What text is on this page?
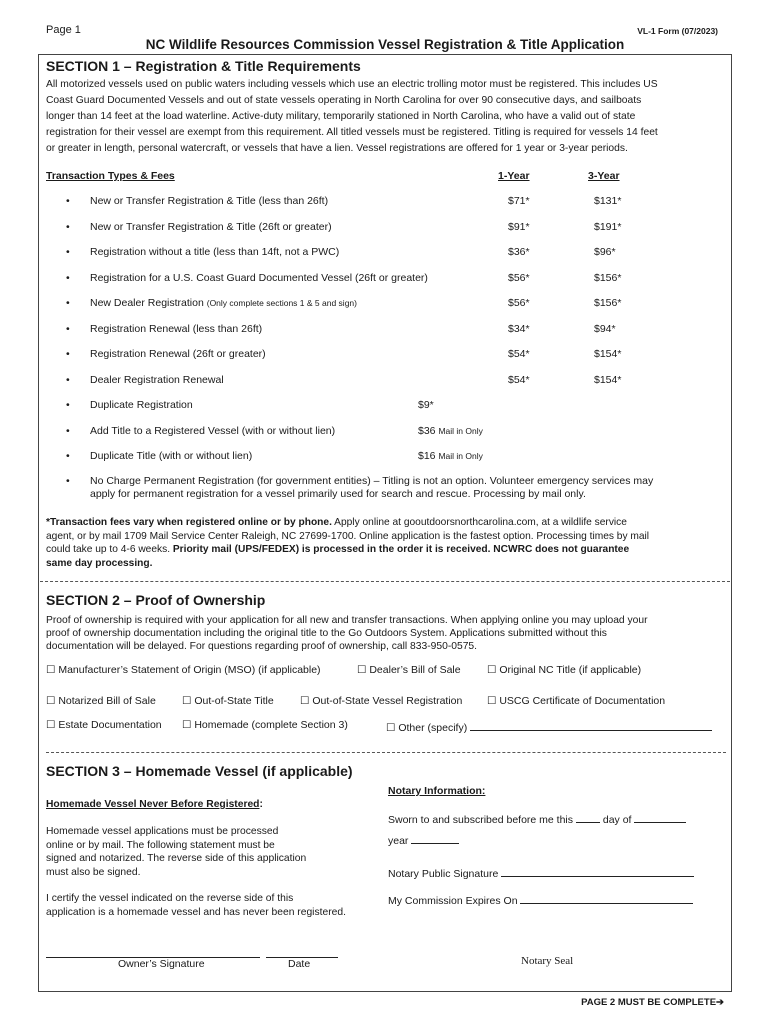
Page 1	VL-1 Form (07/2023)
NC Wildlife Resources Commission Vessel Registration & Title Application
SECTION 1 – Registration & Title Requirements
All motorized vessels used on public waters including vessels which use an electric trolling motor must be registered. This includes US
Coast Guard Documented Vessels and out of state vessels operating in North Carolina for over 90 consecutive days, and sailboats
longer than 14 feet at the load waterline. Active-duty military, temporarily stationed in North Carolina, who have a valid out of state
registration for their vessel are exempt from this requirement. All titled vessels must be registered. Titling is required for vessels 14 feet
or greater in length, personal watercraft, or vessels that have a lien. Vessel registrations are offered for 1 year or 3-year periods.
Transaction Types & Fees	1-Year	3-Year
• New or Transfer Registration & Title (less than 26ft)	$71*	$131*
• New or Transfer Registration & Title (26ft or greater)	$91*	$191*
• Registration without a title (less than 14ft, not a PWC)	$36*	$96*
• Registration for a U.S. Coast Guard Documented Vessel (26ft or greater)	$56*	$156*
• New Dealer Registration (Only complete sections 1 & 5 and sign)	$56*	$156*
• Registration Renewal (less than 26ft)	$34*	$94*
• Registration Renewal (26ft or greater)	$54*	$154*
• Dealer Registration Renewal	$54*	$154*
• Duplicate Registration	$9*
• Add Title to a Registered Vessel (with or without lien)	$36 Mail in Only
• Duplicate Title (with or without lien)	$16 Mail in Only
• No Charge Permanent Registration (for government entities) – Titling is not an option. Volunteer emergency services may
apply for permanent registration for a vessel primarily used for search and rescue. Processing by mail only.
*Transaction fees vary when registered online or by phone. Apply online at gooutdoorsnorthcarolina.com, at a wildlife service
agent, or by mail 1709 Mail Service Center Raleigh, NC 27699-1700. Online application is the fastest option. Processing times by mail
could take up to 4-6 weeks. Priority mail (UPS/FEDEX) is processed in the order it is received. NCWRC does not guarantee
same day processing.
SECTION 2 – Proof of Ownership
Proof of ownership is required with your application for all new and transfer transactions. When applying online you may upload your
proof of ownership documentation including the original title to the Go Outdoors System. Applications submitted without this
documentation will be delayed. For questions regarding proof of ownership, call 833-950-0575.
☐ Manufacturer’s Statement of Origin (MSO) (if applicable)	☐ Dealer’s Bill of Sale	☐ Original NC Title (if applicable)
☐ Notarized Bill of Sale ☐ Out-of-State Title	☐ Out-of-State Vessel Registration ☐ USCG Certificate of Documentation
☐ Estate Documentation ☐ Homemade (complete Section 3)	☐ Other (specify)
SECTION 3 – Homemade Vessel (if applicable)
Homemade Vessel Never Before Registered:
Homemade vessel applications must be processed
online or by mail. The following statement must be
signed and notarized. The reverse side of this application
must also be signed.
I certify the vessel indicated on the reverse side of this
application is a homemade vessel and has never been registered.
Notary Information:
Sworn to and subscribed before me this	day of
year
Notary Public Signature
My Commission Expires On
Owner’s Signature	Date	Notary Seal
PAGE 2 MUST BE COMPLETE➔
